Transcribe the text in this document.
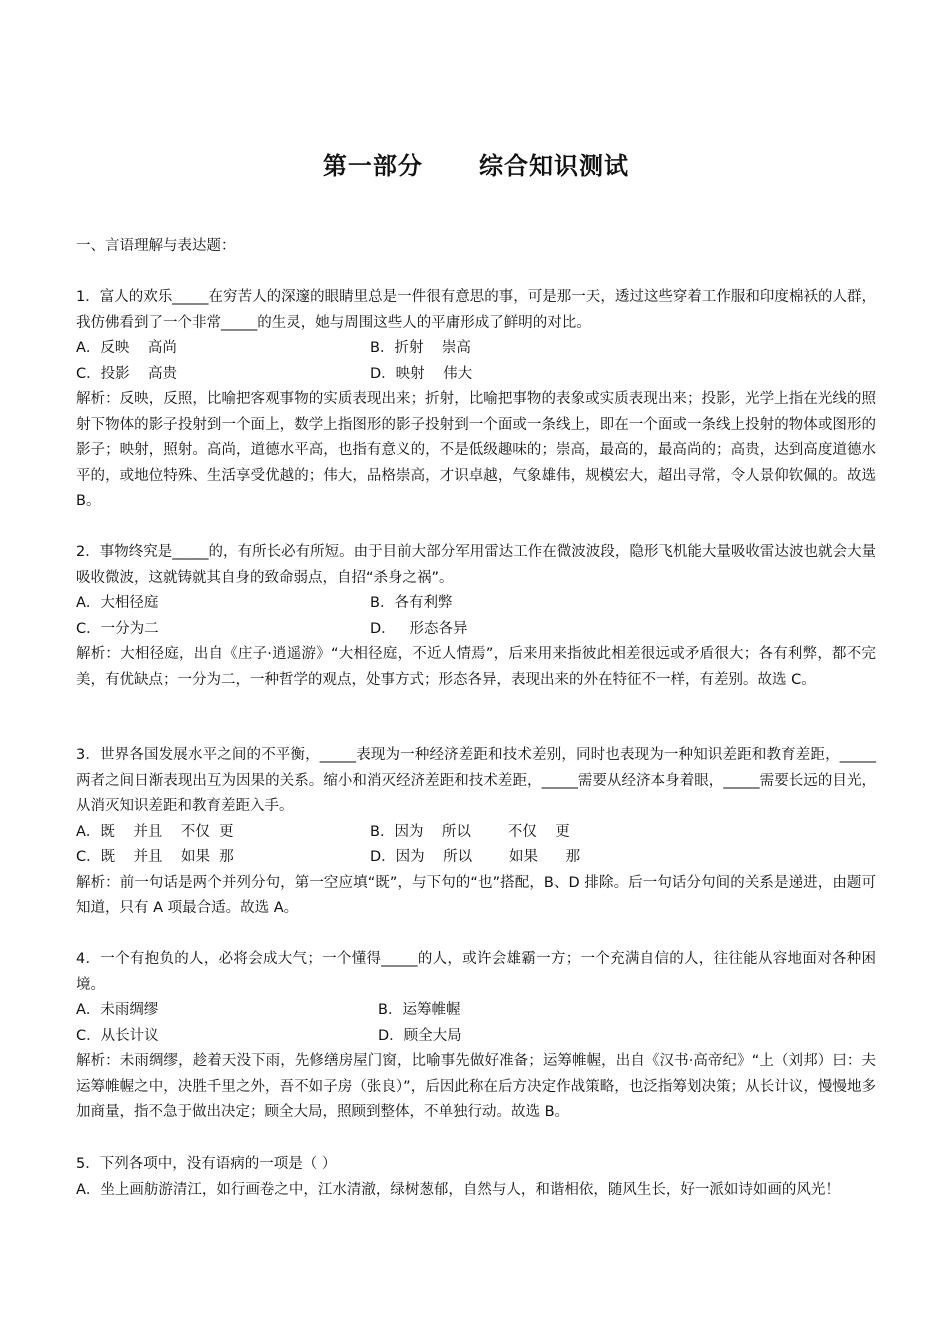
第一部分      综合知识测试
一、言语理解与表达题：

1．富人的欢乐_____在穷苦人的深邃的眼睛里总是一件很有意思的事，可是那一天，透过这些穿着工作服和印度棉袄的人群，我仿佛看到了一个非常_____的生灵，她与周围这些人的平庸形成了鲜明的对比。

A．反映    高尚	B．折射    崇高
C．投影    高贵	D．映射    伟大

解析：反映，反照，比喻把客观事物的实质表现出来；折射，比喻把事物的表象或实质表现出来；投影，光学上指在光线的照射下物体的影子投射到一个面上，数学上指图形的影子投射到一个面或一条线上，即在一个面或一条线上投射的物体或图形的影子；映射，照射。高尚，道德水平高，也指有意义的，不是低级趣味的；崇高，最高的，最高尚的；高贵，达到高度道德水平的，或地位特殊、生活享受优越的；伟大，品格崇高，才识卓越，气象雄伟，规模宏大，超出寻常，令人景仰钦佩的。故选 B。

2．事物终究是_____的，有所长必有所短。由于目前大部分军用雷达工作在微波波段，隐形飞机能大量吸收雷达波也就会大量吸收微波，这就铸就其自身的致命弱点，自招“杀身之祸”。

A．大相径庭	B．各有利弊
C．一分为二	D．   形态各异

解析：大相径庭，出自《庄子·逍遥游》“大相径庭，不近人情焉”，后来用来指彼此相差很远或矛盾很大；各有利弊，都不完美，有优缺点；一分为二，一种哲学的观点，处事方式；形态各异，表现出来的外在特征不一样，有差别。故选 C。

3．世界各国发展水平之间的不平衡，_____表现为一种经济差距和技术差别，同时也表现为一种知识差距和教育差距，_____两者之间日渐表现出互为因果的关系。缩小和消灭经济差距和技术差距，_____需要从经济本身着眼，_____需要长远的目光，从消灭知识差距和教育差距入手。

A．既    并且    不仅  更	B．因为    所以        不仅    更
C．既    并且    如果  那	D．因为    所以        如果      那

解析：前一句话是两个并列分句，第一空应填“既”，与下句的“也”搭配，B、D 排除。后一句话分句间的关系是递进，由题可知道，只有 A 项最合适。故选 A。

4．一个有抱负的人，必将会成大气；一个懂得_____的人，或许会雄霸一方；一个充满自信的人，往往能从容地面对各种困境。

A．未雨绸缪	B．运筹帷幄
C．从长计议	D．顾全大局

解析：未雨绸缪，趁着天没下雨，先修缮房屋门窗，比喻事先做好准备；运筹帷幄，出自《汉书·高帝纪》“上（刘邦）曰：夫运筹帷幄之中，决胜千里之外，吾不如子房（张良）”，后因此称在后方决定作战策略，也泛指筹划决策；从长计议，慢慢地多加商量，指不急于做出决定；顾全大局，照顾到整体，不单独行动。故选 B。

5．下列各项中，没有语病的一项是（ ）

A．坐上画舫游清江，如行画卷之中，江水清澈，绿树葱郁，自然与人，和谐相依，随风生长，好一派如诗如画的风光！
